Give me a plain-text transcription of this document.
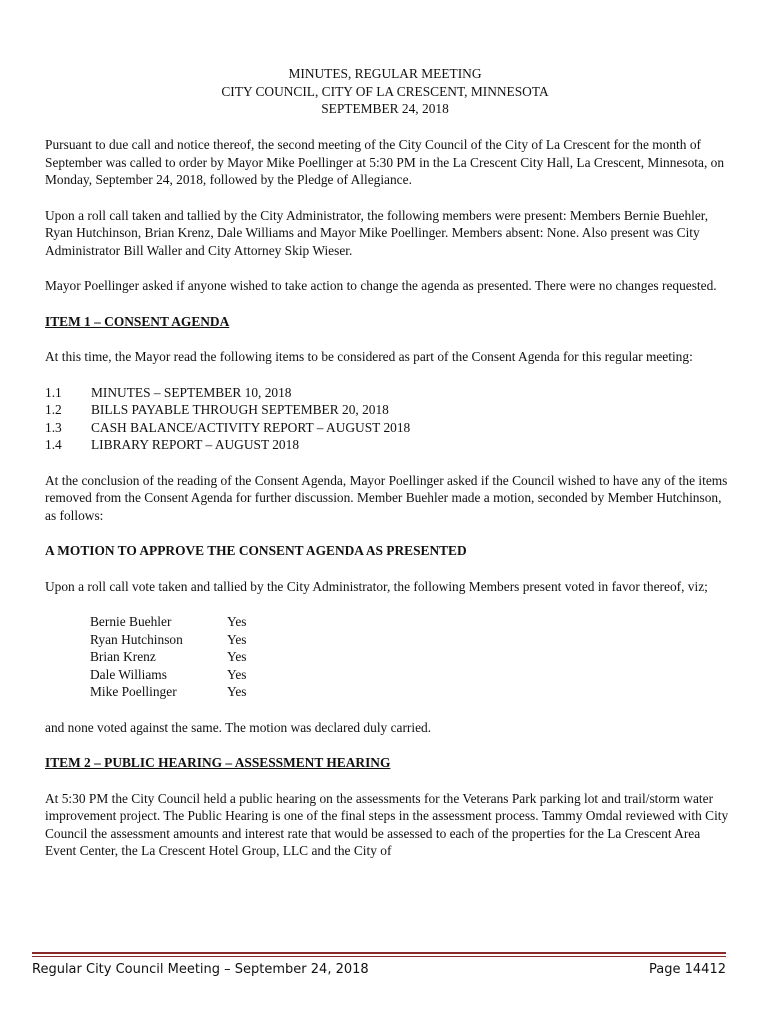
MINUTES, REGULAR MEETING
CITY COUNCIL, CITY OF LA CRESCENT, MINNESOTA
SEPTEMBER 24, 2018

Pursuant to due call and notice thereof, the second meeting of the City Council of the City of La Crescent for the month of September was called to order by Mayor Mike Poellinger at 5:30 PM in the La Crescent City Hall, La Crescent, Minnesota, on Monday, September 24, 2018, followed by the Pledge of Allegiance.

Upon a roll call taken and tallied by the City Administrator, the following members were present: Members Bernie Buehler, Ryan Hutchinson, Brian Krenz, Dale Williams and Mayor Mike Poellinger. Members absent: None. Also present was City Administrator Bill Waller and City Attorney Skip Wieser.

Mayor Poellinger asked if anyone wished to take action to change the agenda as presented. There were no changes requested.

ITEM 1 – CONSENT AGENDA

At this time, the Mayor read the following items to be considered as part of the Consent Agenda for this regular meeting:

1.1	MINUTES – SEPTEMBER 10, 2018
1.2	BILLS PAYABLE THROUGH SEPTEMBER 20, 2018
1.3	CASH BALANCE/ACTIVITY REPORT – AUGUST 2018
1.4	LIBRARY REPORT – AUGUST 2018

At the conclusion of the reading of the Consent Agenda, Mayor Poellinger asked if the Council wished to have any of the items removed from the Consent Agenda for further discussion. Member Buehler made a motion, seconded by Member Hutchinson, as follows:

A MOTION TO APPROVE THE CONSENT AGENDA AS PRESENTED

Upon a roll call vote taken and tallied by the City Administrator, the following Members present voted in favor thereof, viz;

Bernie Buehler	Yes
Ryan Hutchinson	Yes
Brian Krenz	Yes
Dale Williams	Yes
Mike Poellinger	Yes

and none voted against the same. The motion was declared duly carried.

ITEM 2 – PUBLIC HEARING – ASSESSMENT HEARING

At 5:30 PM the City Council held a public hearing on the assessments for the Veterans Park parking lot and trail/storm water improvement project. The Public Hearing is one of the final steps in the assessment process. Tammy Omdal reviewed with City Council the assessment amounts and interest rate that would be assessed to each of the properties for the La Crescent Area Event Center, the La Crescent Hotel Group, LLC and the City of

Regular City Council Meeting – September 24, 2018	Page 14412
